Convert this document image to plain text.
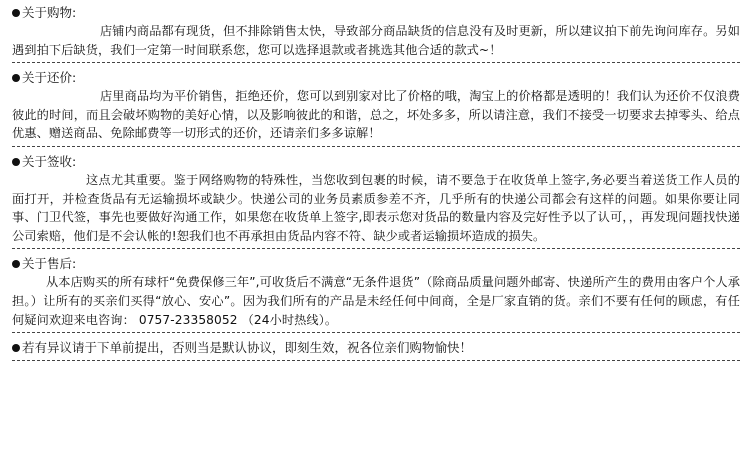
关于购物:
店铺内商品都有现货，但不排除销售太快，导致部分商品缺货的信息没有及时更新，所以建议拍下前先询问库存。另如遇到拍下后缺货，我们一定第一时间联系您，您可以选择退款或者挑选其他合适的款式~！
关于还价:
店里商品均为平价销售，拒绝还价，您可以到别家对比了价格的哦，淘宝上的价格都是透明的！我们认为还价不仅浪费彼此的时间，而且会破坏购物的美好心情，以及影响彼此的和谐，总之，坏处多多，所以请注意，我们不接受一切要求去掉零头、给点优惠、赠送商品、免除邮费等一切形式的还价，还请亲们多多谅解！
关于签收:
这点尤其重要。鉴于网络购物的特殊性，当您收到包裹的时候，请不要急于在收货单上签字,务必要当着送货工作人员的面打开，并检查货品有无运输损坏或缺少。快递公司的业务员素质参差不齐，几乎所有的快递公司都会有这样的问题。如果你要让同事、门卫代签，事先也要做好沟通工作，如果您在收货单上签字,即表示您对货品的数量内容及完好性予以了认可，，再发现问题找快递公司索赔，他们是不会认帐的!恕我们也不再承担由货品内容不符、缺少或者运输损坏造成的损失。
关于售后:
从本店购买的所有球杆“免费保修三年”,可收货后不满意“无条件退货”（除商品质量问题外邮寄、快递所产生的费用由客户个人承担。）让所有的买亲们买得“放心、安心”。因为我们所有的产品是未经任何中间商，全是厂家直销的货。亲们不要有任何的顾虑，有任何疑问欢迎来电咨询： 0757-23358052 （24小时热线）。
若有异议请于下单前提出，否则当是默认协议，即刻生效，祝各位亲们购物愉快！
